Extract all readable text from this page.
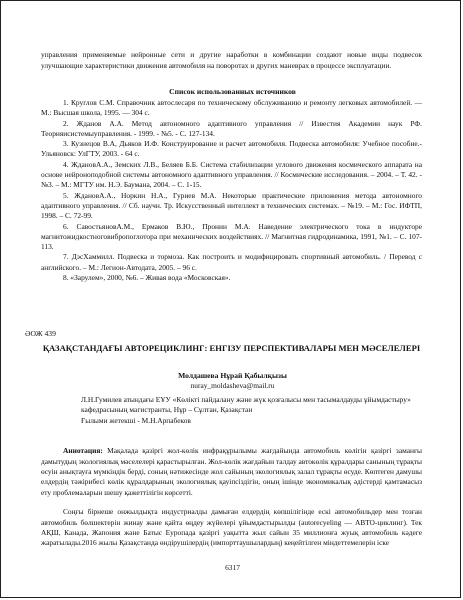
управления применяемые нейронные сети и другие наработки в комбинации создают новые виды подвесок улучшающие характеристики движения автомобиля на поворотах и других маневрах в процессе эксплуатации.

Список использованных источников

1. Круглов С.М. Справочник автослесаря по техническому обслуживанию и ремонту легковых автомобилей. — М.: Высшая школа, 1995. — 304 с.

2. Жданов А.А. Метод автономного адаптивного управления // Известия Академии наук РФ. Теорияисистемыуправления. - 1999. - №5. - С. 127-134.

3. Кузнецов В.А, Дьяков И.Ф. Конструирование и расчет автомобиля. Подвеска автомобиля: Учебное пособие.- Ульяновск: УлГТУ, 2003. - 64 с.

4. ЖдановА.А., Земских Л.В., Беляев Б.Б. Система стабилизации углового движения космического аппарата на основе нейроноподобной системы автономного адаптивного управления. // Космические исследования. – 2004. – Т. 42. - №3. – М.: МГТУ им. Н.Э. Баумана, 2004. – С. 1-15.

5. ЖдановА.А., Норкин Н.А., Гуриев М.А. Некоторые практические приложения метода автономного адаптивного управления. // Сб. научн. Тр. Искусственный интеллект в технических системах. – №19. – М.: Гос. ИФТП, 1998. – С. 72-99.

6. СавостьяновА.М., Ермаков В.Ю., Пронин М.А. Наведение электрического тока в индукторе магнитожидкостноговибропоглотора при механических воздействиях. // Магнитная гидродинамика, 1991, №1. – С. 107-113.

7. ДэсХаммилл. Подвеска и тормоза. Как построить и модифицировать спортивный автомобиль. / Перевод с английского. – М.: Легион-Автодата, 2005. – 96 с.

8. «Зарулем», 2000, №6. – Живая вода «Московская».

ӘОЖ 439
ҚАЗАҚСТАНДАҒЫ АВТОРЕЦИКЛИНГ: ЕНГІЗУ ПЕРСПЕКТИВАЛАРЫ МЕН МӘСЕЛЕЛЕРІ
Молдашева Нұрай Қабылқызы
nuray_moldasheva@mail.ru
Л.Н.Гумилев атындағы ЕҰУ «Көлікті пайдалану және жүк қозғалысы мен тасымалдауды ұйымдастыру» кафедрасының магистранты, Нұр – Сұлтан, Қазақстан
Ғылыми жетекші - М.Н.Арпабеков

Аннотация: Мақалада қазіргі жол-көлік инфрақұрылымы жағдайында автомобиль көлігін қазіргі заманғы дамытудың экологиялық мәселелері қарастырылған. Жол-көлік жағдайын талдау автокөлік құралдары санының тұрақты өсуін анықтауға мүмкіндік берді, соның нәтижесінде жол сайының экологиялық залал тұрақты өсуде. Көптеген дамушы елдердің тәжірибесі көлік құралдарының экологиялық қауіпсіздігін, оның ішінде экономикалық әдістерді қамтамасыз ету проблемаларын шешу қажеттілігін көрсетті.

Соңғы бірнеше онжылдықта индустриалды дамыған елдердің көпшілігінде ескі автомобильдер мен тозған автомобиль бөлшектерін жинау және қайта өңдеу жүйелері ұйымдастырылды (autorecyeling — АВТО-циклинг). Тек АҚШ, Канада, Жапония және Батыс Еуропада қазіргі уақытта жыл сайын 35 миллионға жуық автомобиль кәдеге жаратылады.2016 жылы Қазақстанда өндірушілердің (импорттаушылардың) кеңейтілген міндеттемелерін іске

6317
